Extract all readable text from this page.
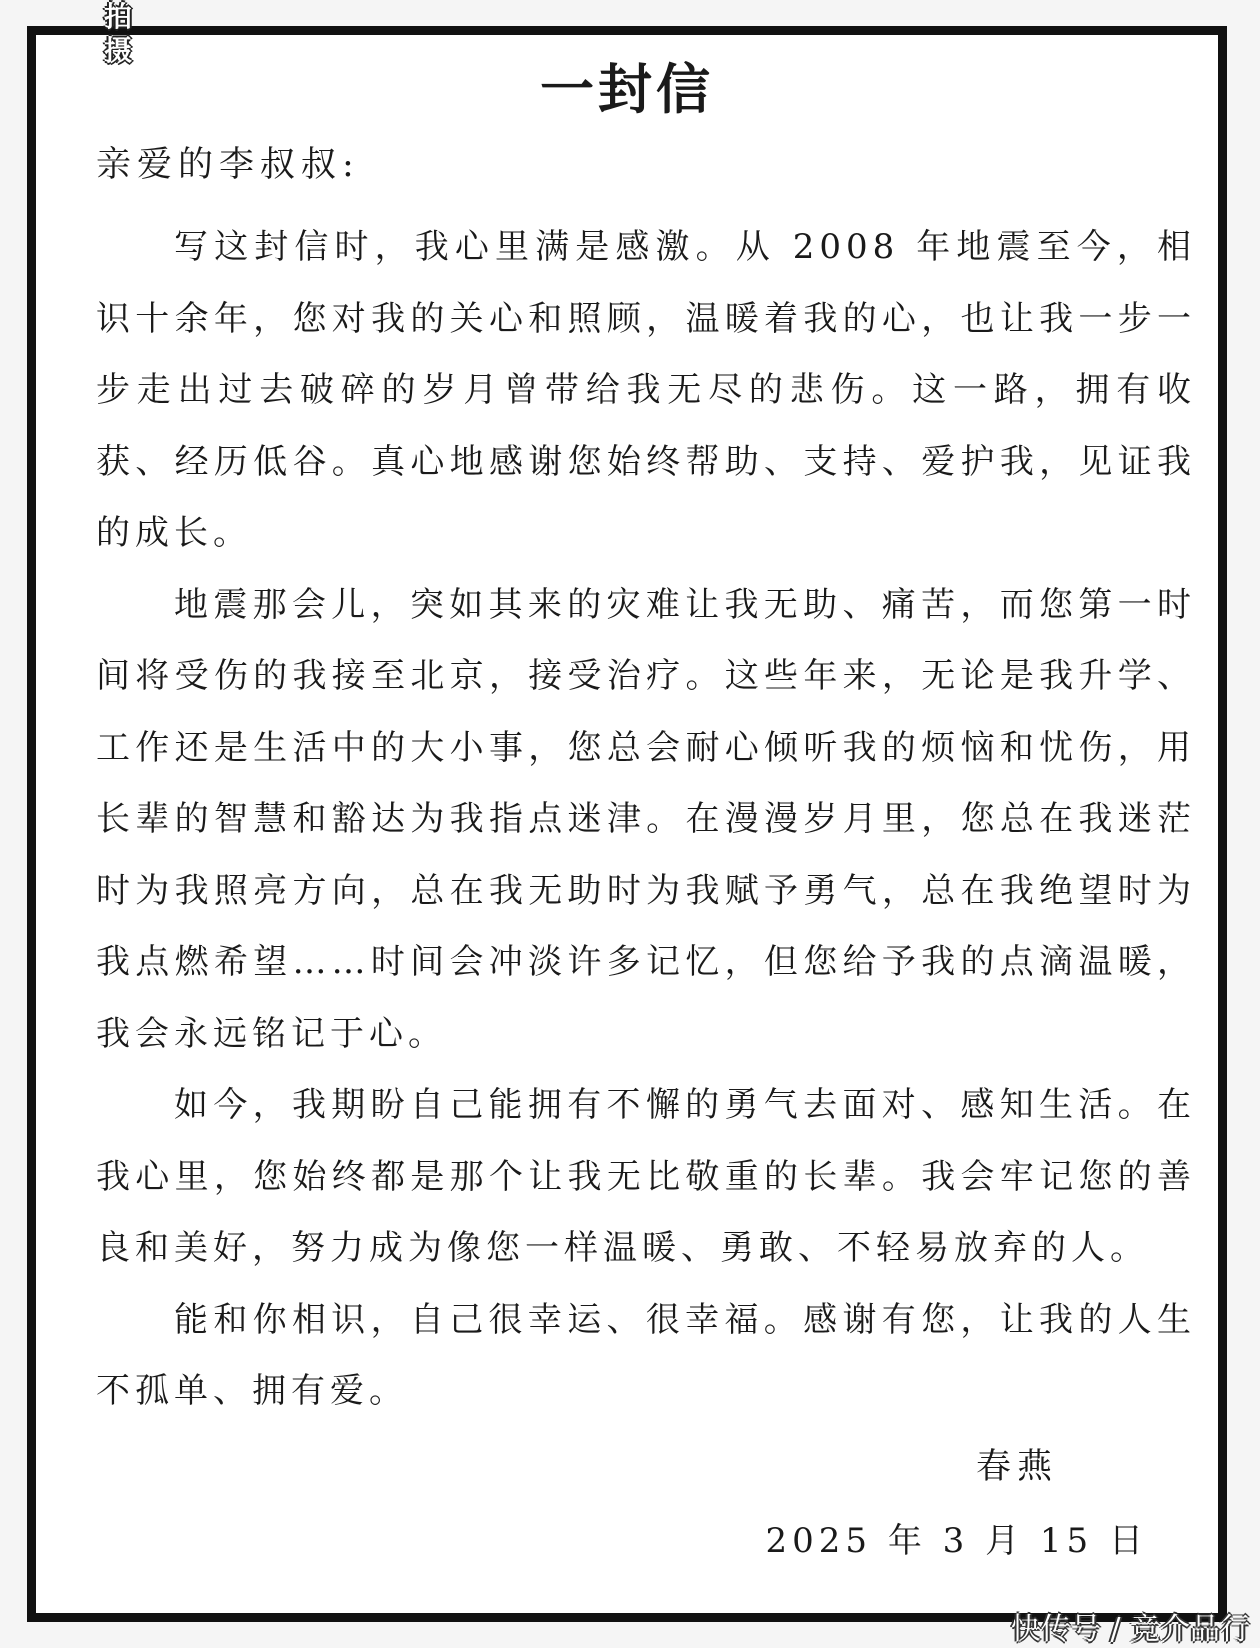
拍
摄
一封信
亲爱的李叔叔:

写这封信时，我心里满是感激。从 2008 年地震至今，相识十余年，您对我的关心和照顾，温暖着我的心，也让我一步一步走出过去破碎的岁月曾带给我无尽的悲伤。这一路，拥有收获、经历低谷。真心地感谢您始终帮助、支持、爱护我，见证我的成长。

地震那会儿，突如其来的灾难让我无助、痛苦，而您第一时间将受伤的我接至北京，接受治疗。这些年来，无论是我升学、工作还是生活中的大小事，您总会耐心倾听我的烦恼和忧伤，用长辈的智慧和豁达为我指点迷津。在漫漫岁月里，您总在我迷茫时为我照亮方向，总在我无助时为我赋予勇气，总在我绝望时为我点燃希望……时间会冲淡许多记忆，但您给予我的点滴温暖，我会永远铭记于心。

如今，我期盼自己能拥有不懈的勇气去面对、感知生活。在我心里，您始终都是那个让我无比敬重的长辈。我会牢记您的善良和美好，努力成为像您一样温暖、勇敢、不轻易放弃的人。

能和你相识，自己很幸运、很幸福。感谢有您，让我的人生不孤单、拥有爱。

春燕
2025 年 3 月 15 日
快传号 / 竞介品行
